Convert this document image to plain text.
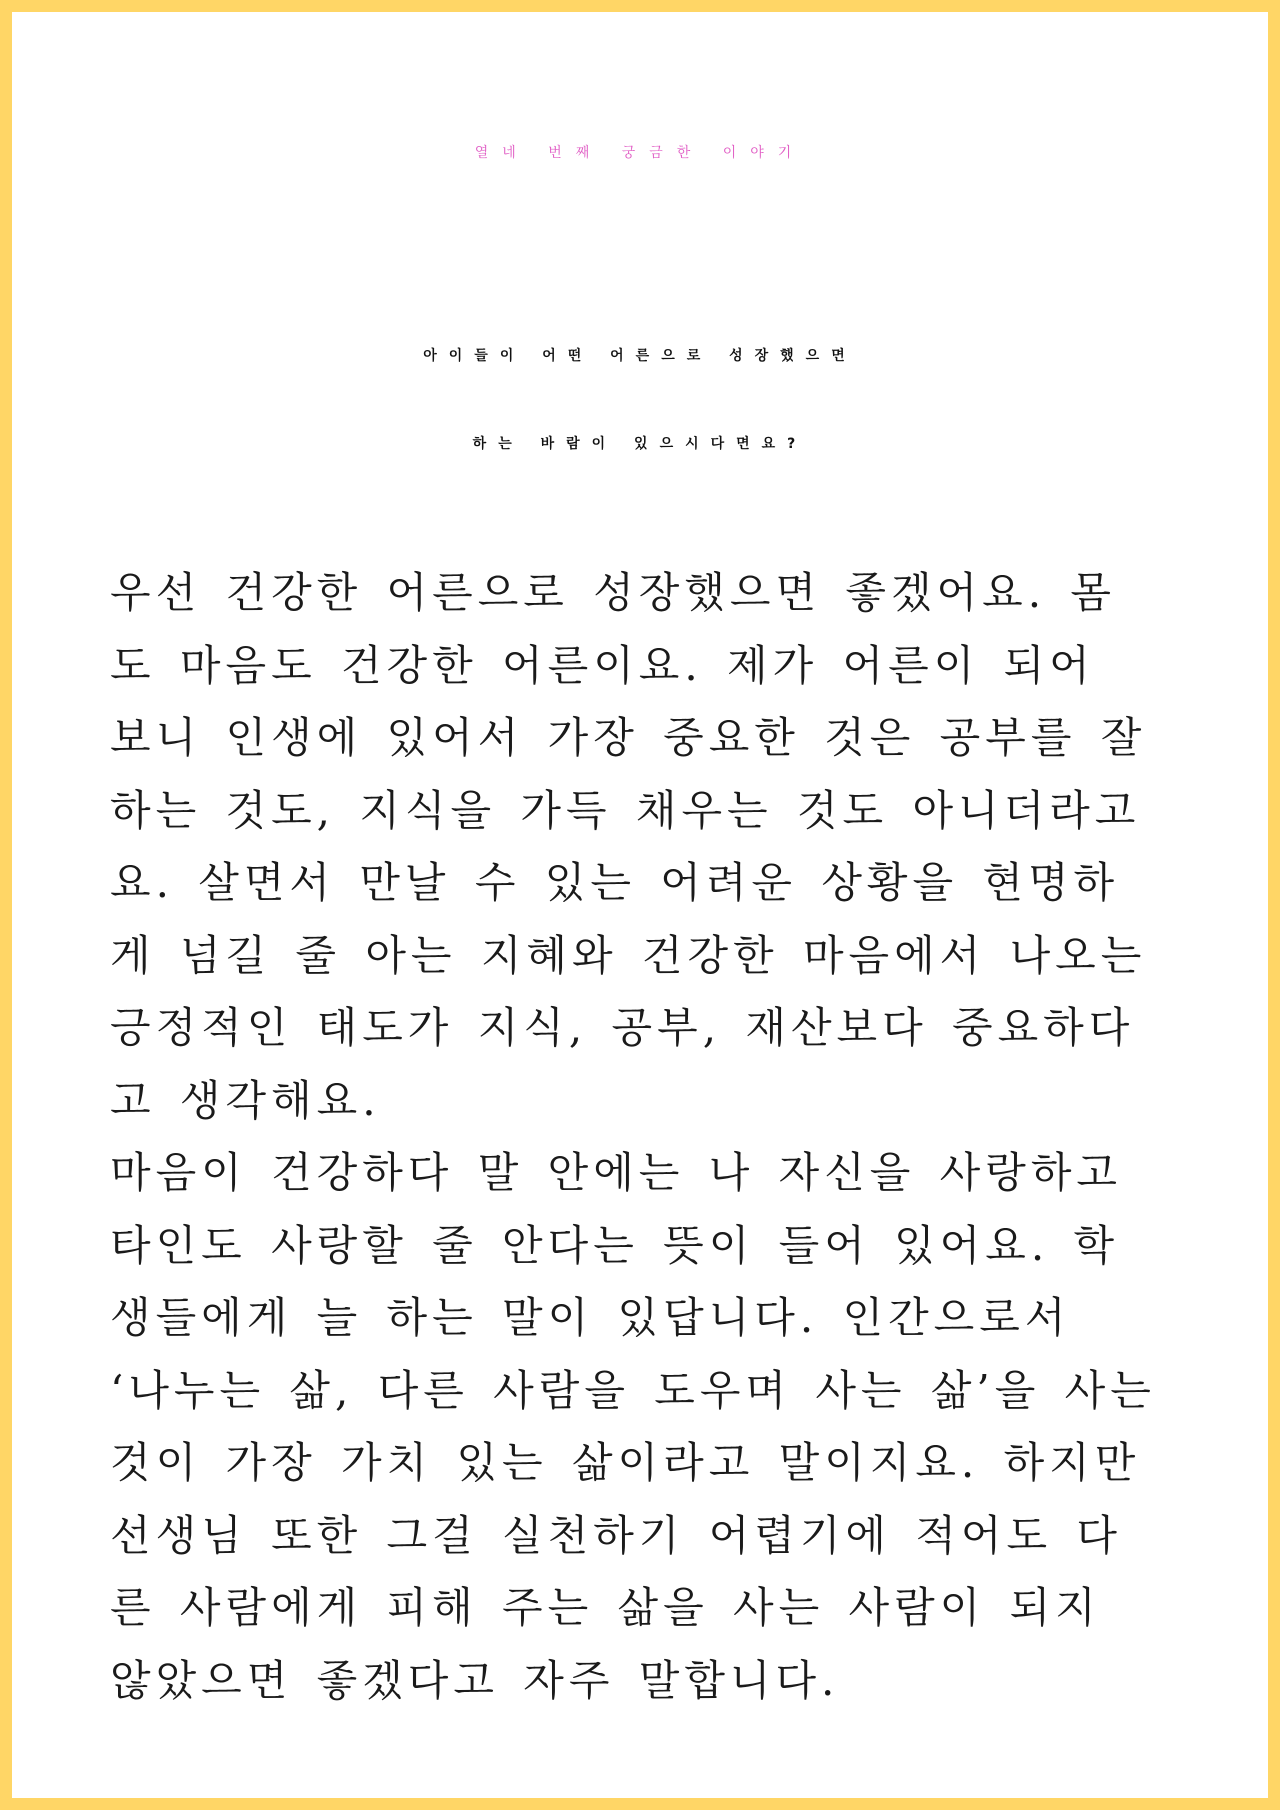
열네 번째 궁금한 이야기
아이들이 어떤 어른으로 성장했으면
하는 바람이 있으시다면요?
우선 건강한 어른으로 성장했으면 좋겠어요. 몸
도 마음도 건강한 어른이요. 제가 어른이 되어
보니 인생에 있어서 가장 중요한 것은 공부를 잘
하는 것도, 지식을 가득 채우는 것도 아니더라고
요. 살면서 만날 수 있는 어려운 상황을 현명하
게 넘길 줄 아는 지혜와 건강한 마음에서 나오는
긍정적인 태도가 지식, 공부, 재산보다 중요하다
고 생각해요.
마음이 건강하다 말 안에는 나 자신을 사랑하고
타인도 사랑할 줄 안다는 뜻이 들어 있어요. 학
생들에게 늘 하는 말이 있답니다. 인간으로서
‘나누는 삶, 다른 사람을 도우며 사는 삶’을 사는
것이 가장 가치 있는 삶이라고 말이지요. 하지만
선생님 또한 그걸 실천하기 어렵기에 적어도 다
른 사람에게 피해 주는 삶을 사는 사람이 되지
않았으면 좋겠다고 자주 말합니다.
